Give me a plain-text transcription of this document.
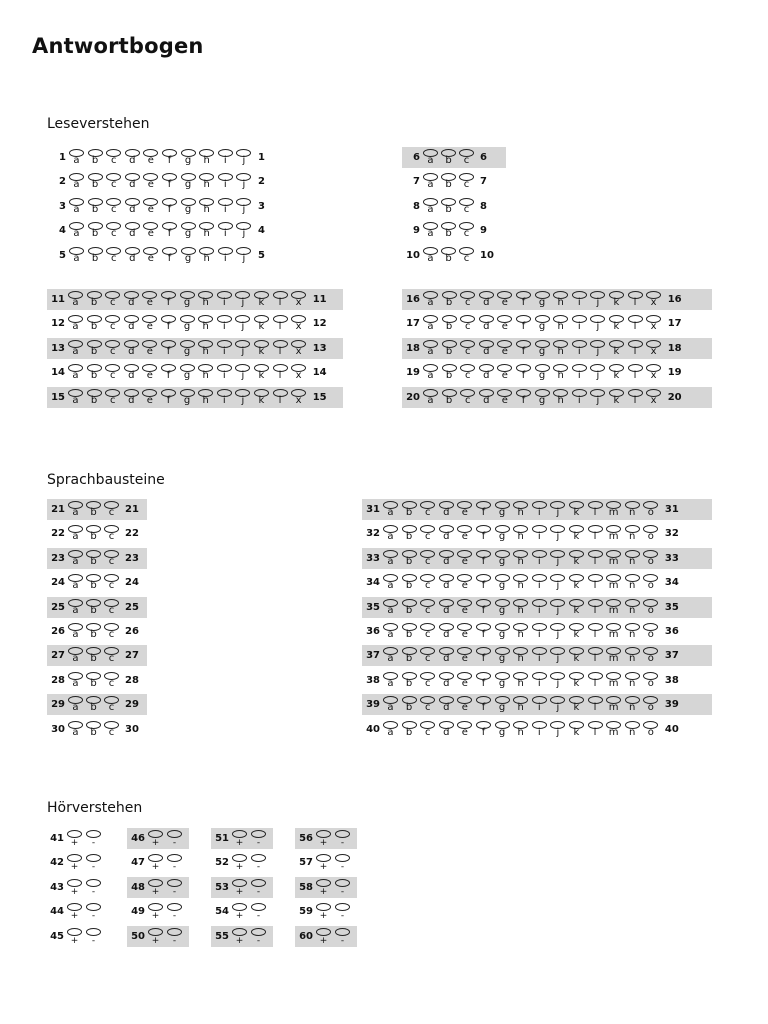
Antwortbogen
Leseverstehen
Sprachbausteine
Hörverstehen
1 a	b	c	d	e	f	g	h	i	j	1
2 a	b	c	d	e	f	g	h	i	j	2
3 a	b	c	d	e	f	g	h	i	j	3
4 a	b	c	d	e	f	g	h	i	j	4
5 a	b	c	d	e	f	g	h	i	j	5
6 a	b	c	6
7 a	b	c	7
8 a	b	c	8
9 a	b	c	9
10 a	b	c	10
11 a	b	c	d	e	f	g	h	i	j	k	l	x	11
12 a	b	c	d	e	f	g	h	i	j	k	l	x	12
13 a	b	c	d	e	f	g	h	i	j	k	l	x	13
14 a	b	c	d	e	f	g	h	i	j	k	l	x	14
15 a	b	c	d	e	f	g	h	i	j	k	l	x	15
16 a	b	c	d	e	f	g	h	i	j	k	l	x	16
17 a	b	c	d	e	f	g	h	i	j	k	l	x	17
18 a	b	c	d	e	f	g	h	i	j	k	l	x	18
19 a	b	c	d	e	f	g	h	i	j	k	l	x	19
20 a	b	c	d	e	f	g	h	i	j	k	l	x	20
21 a	b	c	21
22 a	b	c	22
23 a	b	c	23
24 a	b	c	24
25 a	b	c	25
26 a	b	c	26
27 a	b	c	27
28 a	b	c	28
29 a	b	c	29
30 a	b	c	30
31 a	b	c	d	e	f	g	h	i	j	k	l	m	n	o	31
32 a	b	c	d	e	f	g	h	i	j	k	l	m	n	o	32
33 a	b	c	d	e	f	g	h	i	j	k	l	m	n	o	33
34 a	b	c	d	e	f	g	h	i	j	k	l	m	n	o	34
35 a	b	c	d	e	f	g	h	i	j	k	l	m	n	o	35
36 a	b	c	d	e	f	g	h	i	j	k	l	m	n	o	36
37 a	b	c	d	e	f	g	h	i	j	k	l	m	n	o	37
38 a	b	c	d	e	f	g	h	i	j	k	l	m	n	o	38
39 a	b	c	d	e	f	g	h	i	j	k	l	m	n	o	39
40 a	b	c	d	e	f	g	h	i	j	k	l	m	n	o	40
41 +	-
42 +	-
43 +	-
44 +	-
45 +	-
46 +	-
47 +	-
48 +	-
49 +	-
50 +	-
51 +	-
52 +	-
53 +	-
54 +	-
55 +	-
56 +	-
57 +	-
58 +	-
59 +	-
60 +	-
